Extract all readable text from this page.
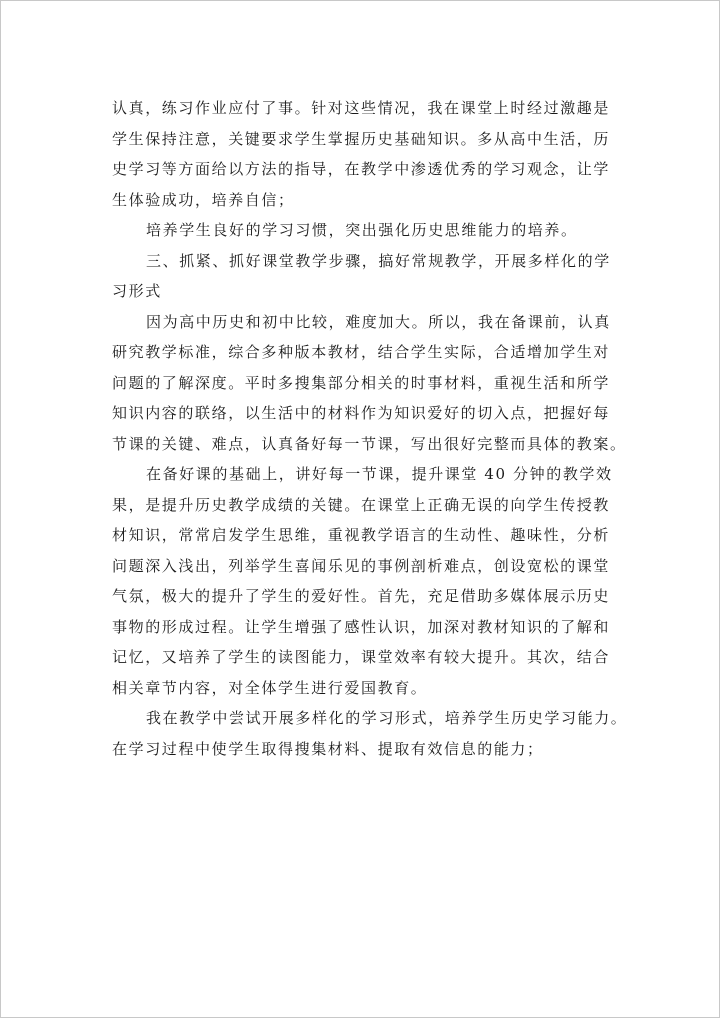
认真，练习作业应付了事。针对这些情况，我在课堂上时经过激趣是
学生保持注意，关键要求学生掌握历史基础知识。多从高中生活，历
史学习等方面给以方法的指导，在教学中渗透优秀的学习观念，让学
生体验成功，培养自信；

培养学生良好的学习习惯，突出强化历史思维能力的培养。

三、抓紧、抓好课堂教学步骤，搞好常规教学，开展多样化的学
习形式

因为高中历史和初中比较，难度加大。所以，我在备课前，认真
研究教学标准，综合多种版本教材，结合学生实际，合适增加学生对
问题的了解深度。平时多搜集部分相关的时事材料，重视生活和所学
知识内容的联络，以生活中的材料作为知识爱好的切入点，把握好每
节课的关键、难点，认真备好每一节课，写出很好完整而具体的教案。

在备好课的基础上，讲好每一节课，提升课堂 40 分钟的教学效
果，是提升历史教学成绩的关键。在课堂上正确无误的向学生传授教
材知识，常常启发学生思维，重视教学语言的生动性、趣味性，分析
问题深入浅出，列举学生喜闻乐见的事例剖析难点，创设宽松的课堂
气氛，极大的提升了学生的爱好性。首先，充足借助多媒体展示历史
事物的形成过程。让学生增强了感性认识，加深对教材知识的了解和
记忆，又培养了学生的读图能力，课堂效率有较大提升。其次，结合
相关章节内容，对全体学生进行爱国教育。

我在教学中尝试开展多样化的学习形式，培养学生历史学习能力。
在学习过程中使学生取得搜集材料、提取有效信息的能力；
